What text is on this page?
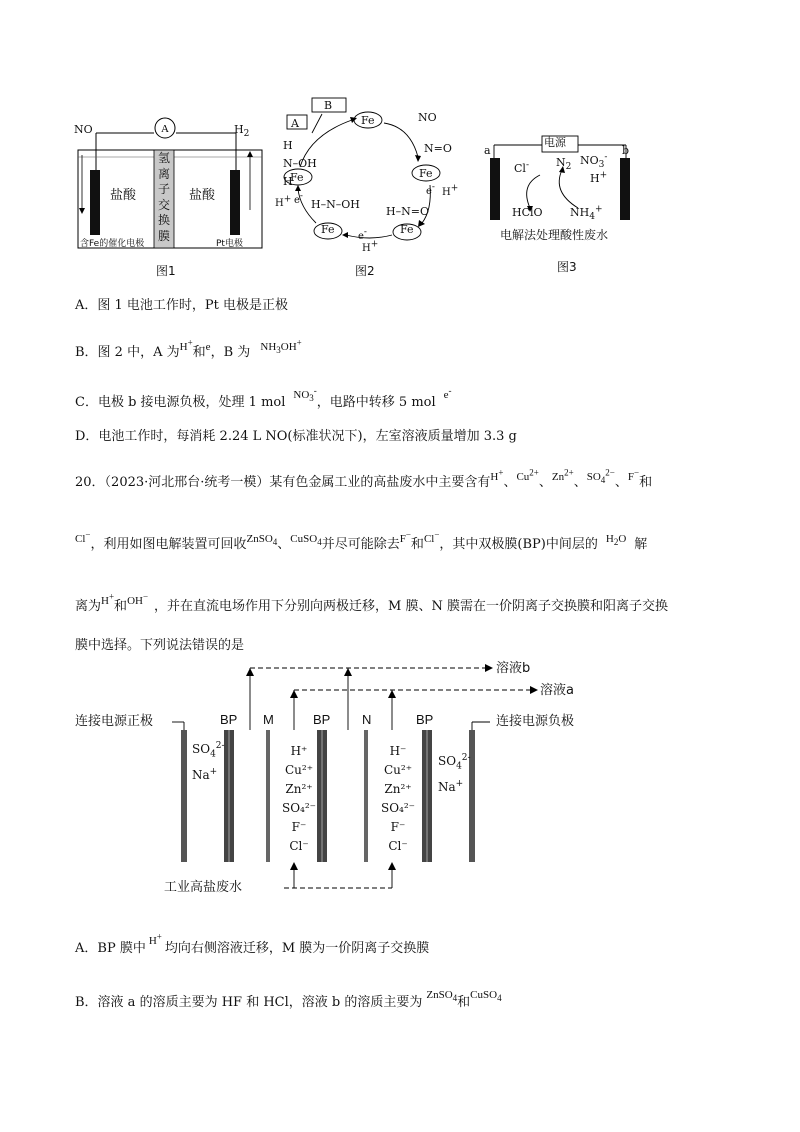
A
NO	$H_2$
盐酸	盐酸
氢
离
子
交
换
膜
含Fe的催化电极	Pt电极
图1
A
B
Fe	NO
Fe
Fe
Fe
Fe
H
N–OH
H
N=O
e- H+
H–N=O
e-
H+
H–N–OH
H+ e-
图2
电源
a	b
Cl- $N_2$
$NO_3^-$
H+
HClO $NH_4^+$
电解法处理酸性废水
图3
A．图 1 电池工作时，Pt 电极是正极
B．图 2 中，A 为$^{H^+}$和$^e$，B 为 $^{NH_3OH^+}$
C．电极 b 接电源负极，处理 1 mol $^{NO_3^-}$，电路中转移 5 mol $^{e^-}$
D．电池工作时，每消耗 2.24 L NO(标准状况下)，左室溶液质量增加 3.3 g
20．（2023·河北邢台·统考一模）某有色金属工业的高盐废水中主要含有$^{H^+}$、$^{Cu^{2+}}$、$^{Zn^{2+}}$、$^{SO_4^{2-}}$、$^{F^-}$和
$^{Cl^-}$，利用如图电解装置可回收$^{ZnSO_4}$、$^{CuSO_4}$并尽可能除去$^{F^-}$和$^{Cl^-}$，其中双极膜(BP)中间层的 $^{H_2O}$ 解
离为$^{H^+}$和$^{OH^-}$，并在直流电场作用下分别向两极迁移，M 膜、N 膜需在一价阴离子交换膜和阳离子交换
膜中选择。下列说法错误的是
溶液b
溶液a
连接电源正极	连接电源负极
BP M	BP N	BP
$SO_4^{2-}$
Na+
H⁺
Cu²⁺
Zn²⁺
SO₄²⁻
F⁻
Cl⁻
H⁻
Cu²⁺
Zn²⁺
SO₄²⁻
F⁻
Cl⁻
$SO_4^{2-}$
Na+
工业高盐废水
A．BP 膜中 $^{H^+}$均向右侧溶液迁移，M 膜为一价阴离子交换膜
B．溶液 a 的溶质主要为 HF 和 HCl，溶液 b 的溶质主要为 $^{ZnSO_4}$和$^{CuSO_4}$
